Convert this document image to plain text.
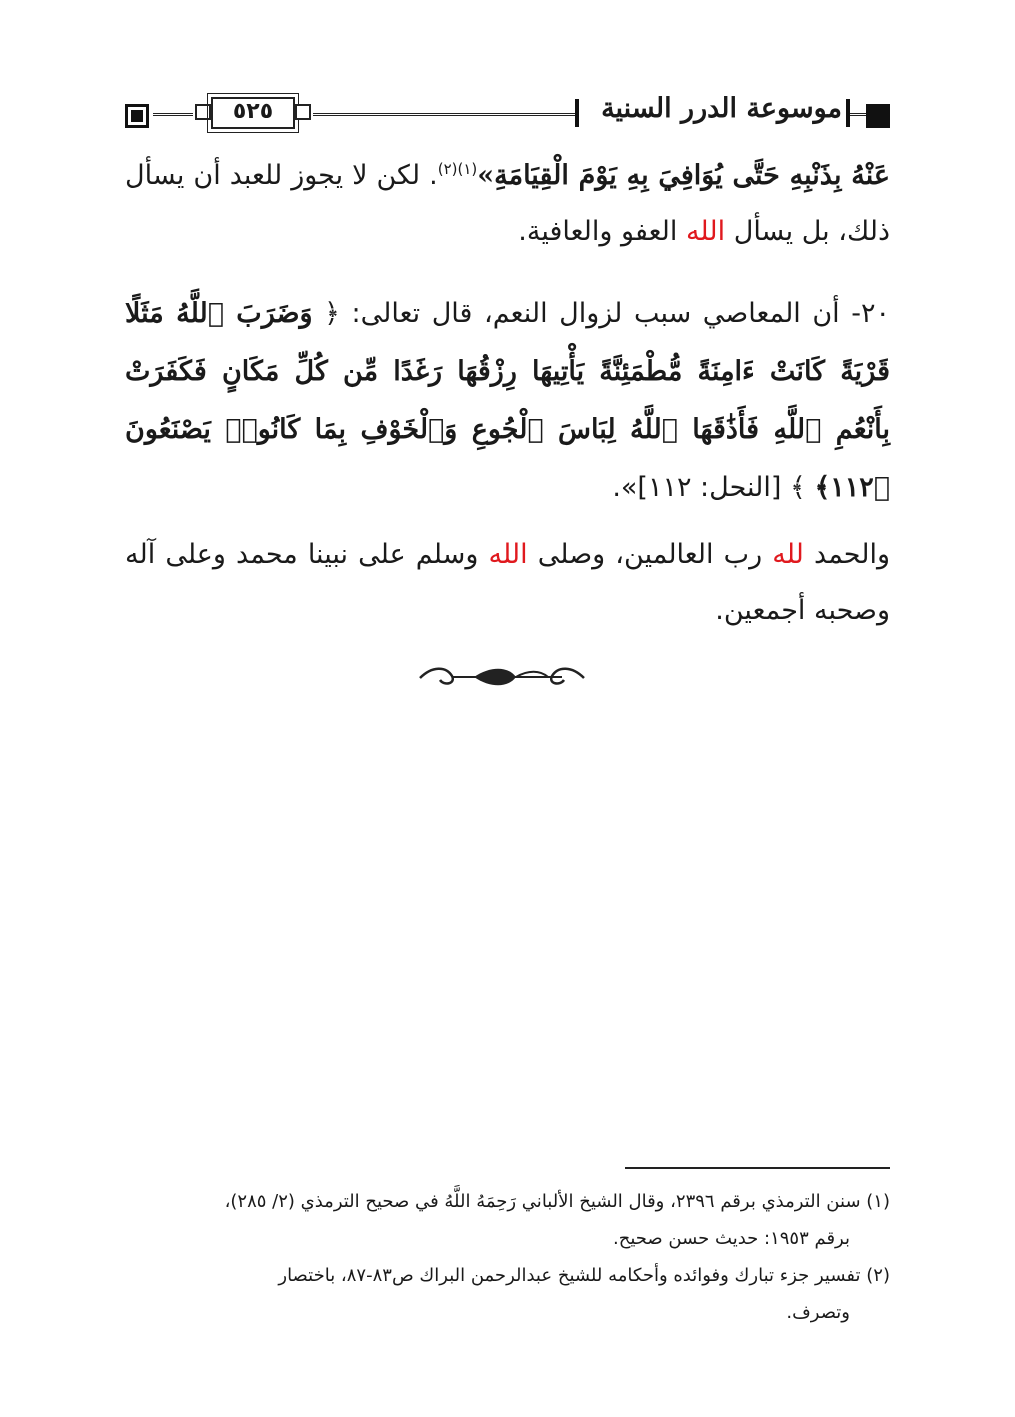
٥٢٥	موسوعة الدرر السنية
عَنْهُ بِذَنْبِهِ حَتَّى يُوَافِيَ بِهِ يَوْمَ الْقِيَامَةِ»$^{(١)(٢)}$. لكن لا يجوز للعبد أن يسأل ذلك، بل يسأل الله العفو والعافية.
٢٠- أن المعاصي سبب لزوال النعم، قال تعالى: ﴿ وَضَرَبَ ٱللَّهُ مَثَلًا قَرْيَةً كَانَتْ ءَامِنَةً مُّطْمَئِنَّةً يَأْتِيهَا رِزْقُهَا رَغَدًا مِّن كُلِّ مَكَانٍ فَكَفَرَتْ بِأَنْعُمِ ٱللَّهِ فَأَذَٰقَهَا ٱللَّهُ لِبَاسَ ٱلْجُوعِ وَٱلْخَوْفِ بِمَا كَانُوا۟ يَصْنَعُونَ ﴿١١٢﴾ ﴾ [النحل: ١١٢]».
والحمد لله رب العالمين، وصلى الله وسلم على نبينا محمد وعلى آله وصحبه أجمعين.
(١) سنن الترمذي برقم ٢٣٩٦، وقال الشيخ الألباني رَحِمَهُ اللَّهُ في صحيح الترمذي (٢/ ٢٨٥)،
برقم ١٩٥٣: حديث حسن صحيح.
(٢) تفسير جزء تبارك وفوائده وأحكامه للشيخ عبدالرحمن البراك ص٨٣-٨٧، باختصار
وتصرف.
